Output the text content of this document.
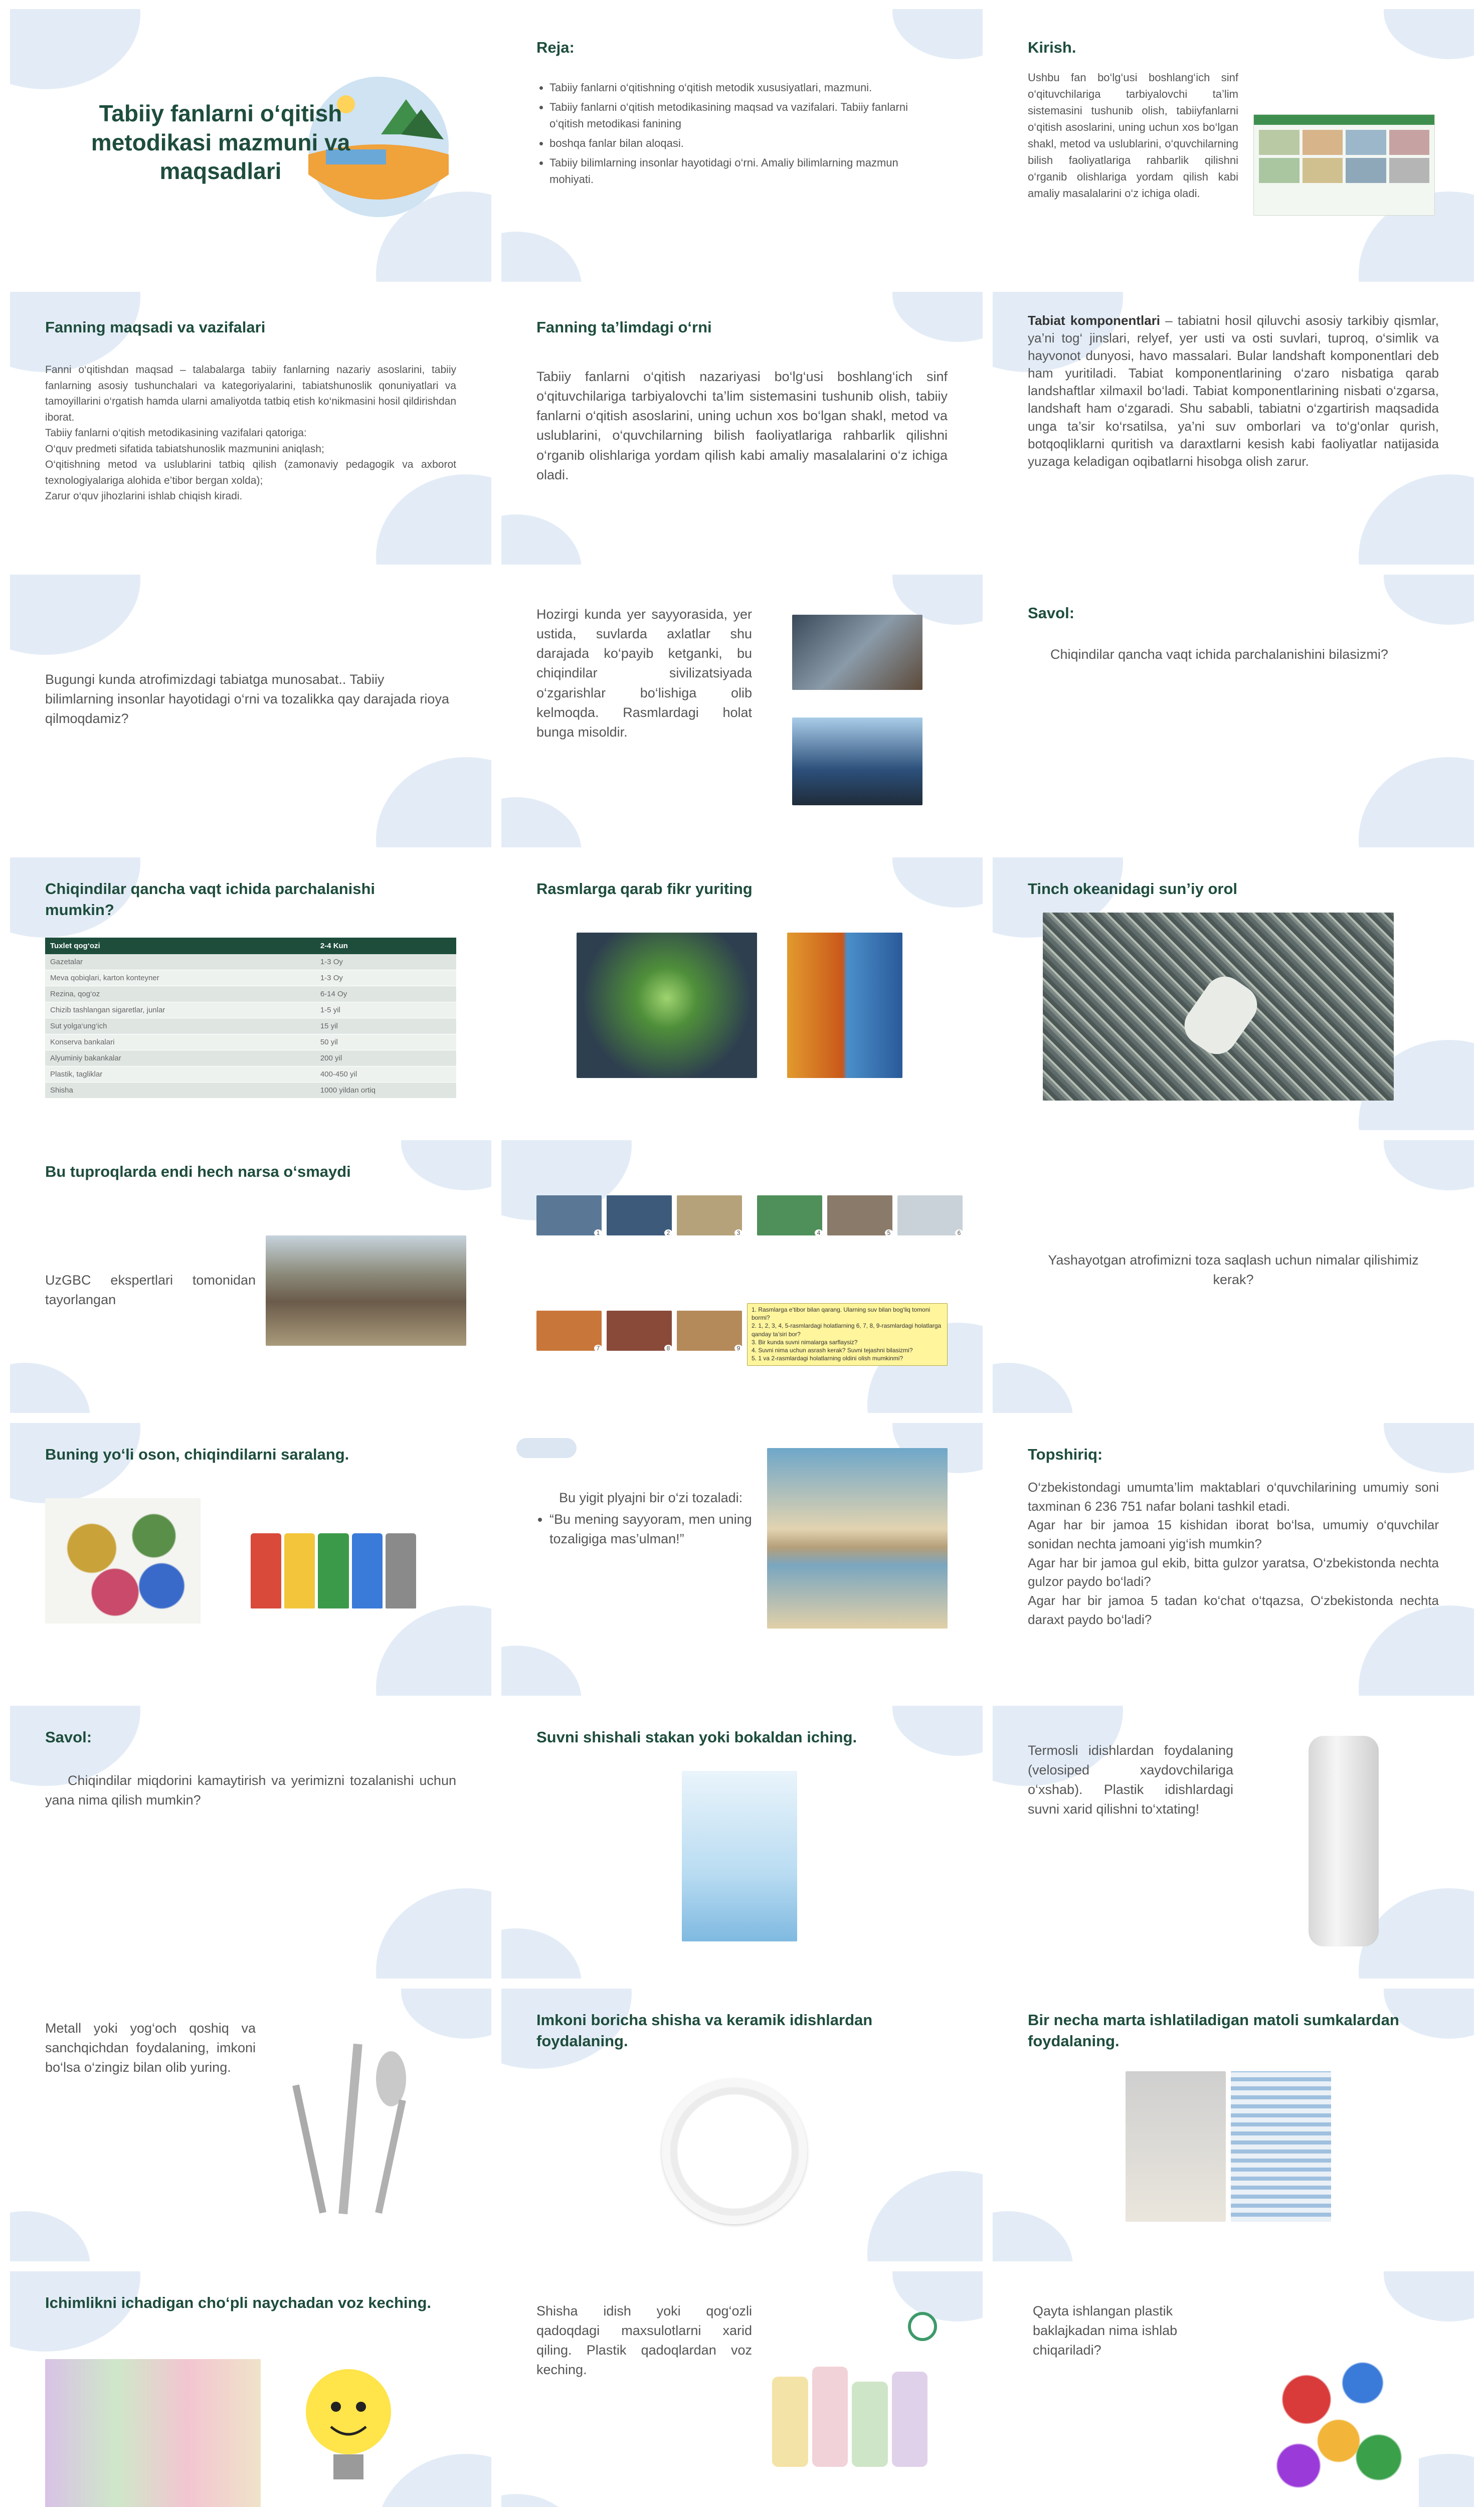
Tabiiy fanlarni o‘qitish metodikasi mazmuni va maqsadlari
Reja:
• Tabiiy fanlarni o‘qitishning o‘qitish metodik xususiyatlari, mazmuni.
• Tabiiy fanlarni o‘qitish metodikasining maqsad va vazifalari. Tabiiy fanlarni o‘qitish metodikasi fanining
• boshqa fanlar bilan aloqasi.
• Tabiiy bilimlarning insonlar hayotidagi o‘rni. Amaliy bilimlarning mazmun mohiyati.
Kirish.
Ushbu fan bo‘lg‘usi boshlang‘ich sinf o‘qituvchilariga tarbiyalovchi ta’lim sistemasini tushunib olish, tabiiyfanlarni o‘qitish asoslarini, uning uchun xos bo‘lgan shakl, metod va uslublarini, o‘quvchilarning bilish faoliyatlariga rahbarlik qilishni o‘rganib olishlariga yordam qilish kabi amaliy masalalarini o‘z ichiga oladi.
Fanning maqsadi va vazifalari
Fanni o‘qitishdan maqsad – talabalarga tabiiy fanlarning nazariy asoslarini, tabiiy fanlarning asosiy tushunchalari va kategoriyalarini, tabiatshunoslik qonuniyatlari va tamoyillarini o‘rgatish hamda ularni amaliyotda tatbiq etish ko‘nikmasini hosil qildirishdan iborat.
Tabiiy fanlarni o‘qitish metodikasining vazifalari qatoriga:
O‘quv predmeti sifatida tabiatshunoslik mazmunini aniqlash;
O‘qitishning metod va uslublarini tatbiq qilish (zamonaviy pedagogik va axborot texnologiyalariga alohida e’tibor bergan xolda);
Zarur o‘quv jihozlarini ishlab chiqish kiradi.
Fanning ta’limdagi o‘rni
Tabiiy fanlarni o‘qitish nazariyasi bo‘lg‘usi boshlang‘ich sinf o‘qituvchilariga tarbiyalovchi ta’lim sistemasini tushunib olish, tabiiy fanlarni o‘qitish asoslarini, uning uchun xos bo‘lgan shakl, metod va uslublarini, o‘quvchilarning bilish faoliyatlariga rahbarlik qilishni o‘rganib olishlariga yordam qilish kabi amaliy masalalarini o‘z ichiga oladi.
Tabiat komponentlari – tabiatni hosil qiluvchi asosiy tarkibiy qismlar, ya’ni tog‘ jinslari, relyef, yer usti va osti suvlari, tuproq, o‘simlik va hayvonot dunyosi, havo massalari. Bular landshaft komponentlari deb ham yuritiladi. Tabiat komponentlarining o‘zaro nisbatiga qarab landshaftlar xilmaxil bo‘ladi. Tabiat komponentlarining nisbati o‘zgarsa, landshaft ham o‘zgaradi. Shu sababli, tabiatni o‘zgartirish maqsadida unga ta’sir ko‘rsatilsa, ya’ni suv omborlari va to‘g‘onlar qurish, botqoqliklarni quritish va daraxtlarni kesish kabi faoliyatlar natijasida yuzaga keladigan oqibatlarni hisobga olish zarur.
Bugungi kunda atrofimizdagi tabiatga munosabat.. Tabiiy bilimlarning insonlar hayotidagi o‘rni va tozalikka qay darajada rioya qilmoqdamiz?
Hozirgi kunda yer sayyorasida, yer ustida, suvlarda axlatlar shu darajada ko‘payib ketganki, bu chiqindilar sivilizatsiyada o‘zgarishlar bo‘lishiga olib kelmoqda. Rasmlardagi holat bunga misoldir.
Savol:
Chiqindilar qancha vaqt ichida parchalanishini bilasizmi?
Chiqindilar qancha vaqt ichida parchalanishi mumkin?
Tuxlet qog‘ozi	2-4 Kun
Gazetalar	1-3 Oy
Meva qobiqlari, karton konteyner	1-3 Oy
Rezina, qog‘oz	6-14 Oy
Chizib tashlangan sigaretlar, junlar	1-5 yil
Sut yolga‘ung‘ich	15 yil
Konserva bankalari	50 yil
Alyuminiy bakankalar	200 yil
Plastik, tagliklar	400-450 yil
Shisha	1000 yildan ortiq
Rasmlarga qarab fikr yuriting	Tinch okeanidagi sun’iy orol
Bu tuproqlarda endi hech narsa o‘smaydi
UzGBC ekspertlari tomonidan tayorlangan
1. Rasmlarga e’tibor bilan qarang. Ularning suv bilan bog‘liq tomoni bormi?
2. 1, 2, 3, 4, 5-rasmlardagi holatlarning 6, 7, 8, 9-rasmlardagi holatlarga qanday ta’siri bor?
3. Bir kunda suvni nimalarga sarflaysiz?
4. Suvni nima uchun asrash kerak? Suvni tejashni bilasizmi?
5. 1 va 2-rasmlardagi holatlarning oldini olish mumkinmi?
1	2	3	4	5	6
7	8	9
Yashayotgan atrofimizni toza saqlash uchun nimalar qilishimiz kerak?
Buning yo‘li oson, chiqindilarni saralang.
Bu yigit plyajni bir o‘zi tozaladi:
• “Bu mening sayyoram, men uning tozaligiga mas’ulman!”
Topshiriq:
O‘zbekistondagi umumta’lim maktablari o‘quvchilarining umumiy soni taxminan 6 236 751 nafar bolani tashkil etadi.
Agar har bir jamoa 15 kishidan iborat bo‘lsa, umumiy o‘quvchilar sonidan nechta jamoani yig‘ish mumkin?
Agar har bir jamoa gul ekib, bitta gulzor yaratsa, O‘zbekistonda nechta gulzor paydo bo‘ladi?
Agar har bir jamoa 5 tadan ko‘chat o‘tqazsa, O‘zbekistonda nechta daraxt paydo bo‘ladi?
Savol:
Chiqindilar miqdorini kamaytirish va yerimizni tozalanishi uchun yana nima qilish mumkin?
Suvni shishali stakan yoki bokaldan iching.
Termosli idishlardan foydalaning (velosiped xaydovchilariga o‘xshab). Plastik idishlardagi suvni xarid qilishni to‘xtating!
Metall yoki yog‘och qoshiq va sanchqichdan foydalaning, imkoni bo‘lsa o‘zingiz bilan olib yuring.
Imkoni boricha shisha va keramik idishlardan foydalaning.
Bir necha marta ishlatiladigan matoli sumkalardan foydalaning.
Ichimlikni ichadigan cho‘pli naychadan voz keching.	Shisha idish yoki qog‘ozli qadoqdagi maxsulotlarni xarid qiling. Plastik qadoqlardan voz keching.
Qayta ishlangan plastik baklajkadan nima ishlab chiqariladi?
